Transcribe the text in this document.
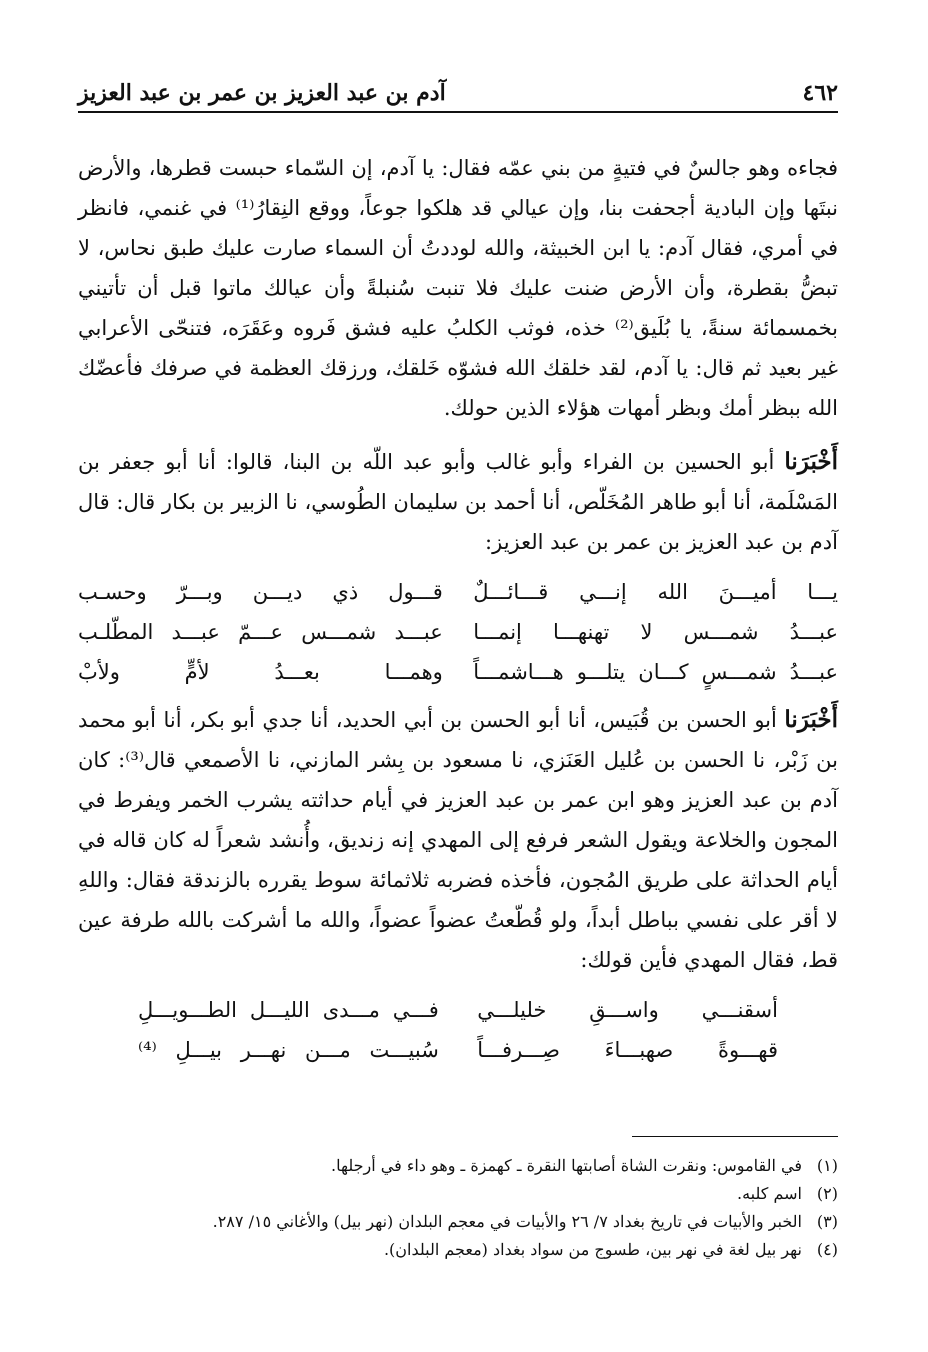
٤٦٢
آدم بن عبد العزيز بن عمر بن عبد العزيز

فجاءه وهو جالسٌ في فتيةٍ من بني عمّه فقال: يا آدم، إن السّماء حبست قطرها، والأرض نبتَها وإن البادية أجحفت بنا، وإن عيالي قد هلكوا جوعاً، ووقع النِقارُ⁽¹⁾ في غنمي، فانظر في أمري، فقال آدم: يا ابن الخبيثة، والله لوددتُ أن السماء صارت عليك طبق نحاس، لا تبضُّ بقطرة، وأن الأرض ضنت عليك فلا تنبت سُنبلةً وأن عيالك ماتوا قبل أن تأتيني بخمسمائة سنةً، يا بُلَيق⁽²⁾ خذه، فوثب الكلبُ عليه فشق فَروه وعَقَرَه، فتنحّى الأعرابي غير بعيد ثم قال: يا آدم، لقد خلقك الله فشوّه خَلقك، ورزقك العظمة في صرفك فأعضّك الله ببظر أمك وبظر أمهات هؤلاء الذين حولك.

أَخْبَرَنا أبو الحسين بن الفراء وأبو غالب وأبو عبد اللّه بن البنا، قالوا: أنا أبو جعفر بن المَسْلَمة، أنا أبو طاهر المُخَلّص، أنا أحمد بن سليمان الطُوسي، نا الزبير بن بكار قال: قال آدم بن عبد العزيز بن عمر بن عبد العزيز:

يـــا أميـــنَ الله إنـــي قـــائـــلٌ
قـــول ذي ديـــن وبـــرّ وحسـب
عبـــدُ شمـــس لا تهنهـــا إنمـــا
عبـــد شمـــس عـــمّ عبـــد المطّلـب
عبـــدُ شمـــسٍ كـــان يتلـــو هـــاشمـــاً
وهمـــا بعـــدُ لأمٍّ ولأبْ

أَخْبَرَنا أبو الحسن بن قُبَيس، أنا أبو الحسن بن أبي الحديد، أنا جدي أبو بكر، أنا أبو محمد بن زَبْر، نا الحسن بن عُليل العَنَزي، نا مسعود بن بِشر المازني، نا الأصمعي قال⁽³⁾: كان آدم بن عبد العزيز وهو ابن عمر بن عبد العزيز في أيام حداثته يشرب الخمر ويفرط في المجون والخلاعة ويقول الشعر فرفع إلى المهدي إنه زنديق، وأُنشد شعراً له كان قاله في أيام الحداثة على طريق المُجون، فأخذه فضربه ثلاثمائة سوط يقرره بالزندقة فقال: واللهِ لا أقر على نفسي بباطل أبداً، ولو قُطّعتُ عضواً عضواً، والله ما أشركت بالله طرفة عين قط، فقال المهدي فأين قولك:

أسقنـــي واســـقِ خليلـــي
فـــي مـــدى الليـــل الطـــويـــلِ
قهـــوةً صهبـــاءَ صِـــرفـــاً
سُبيـــت مـــن نهـــر بيـــلِ ⁽⁴⁾
(١)
في القاموس: ونقرت الشاة أصابتها النقرة ـ كهمزة ـ وهو داء في أرجلها.
(٢)
اسم كلبه.
(٣)
الخبر والأبيات في تاريخ بغداد ٧/ ٢٦ والأبيات في معجم البلدان (نهر بيل) والأغاني ١٥/ ٢٨٧.
(٤)
نهر بيل لغة في نهر بين، طسوج من سواد بغداد (معجم البلدان).
